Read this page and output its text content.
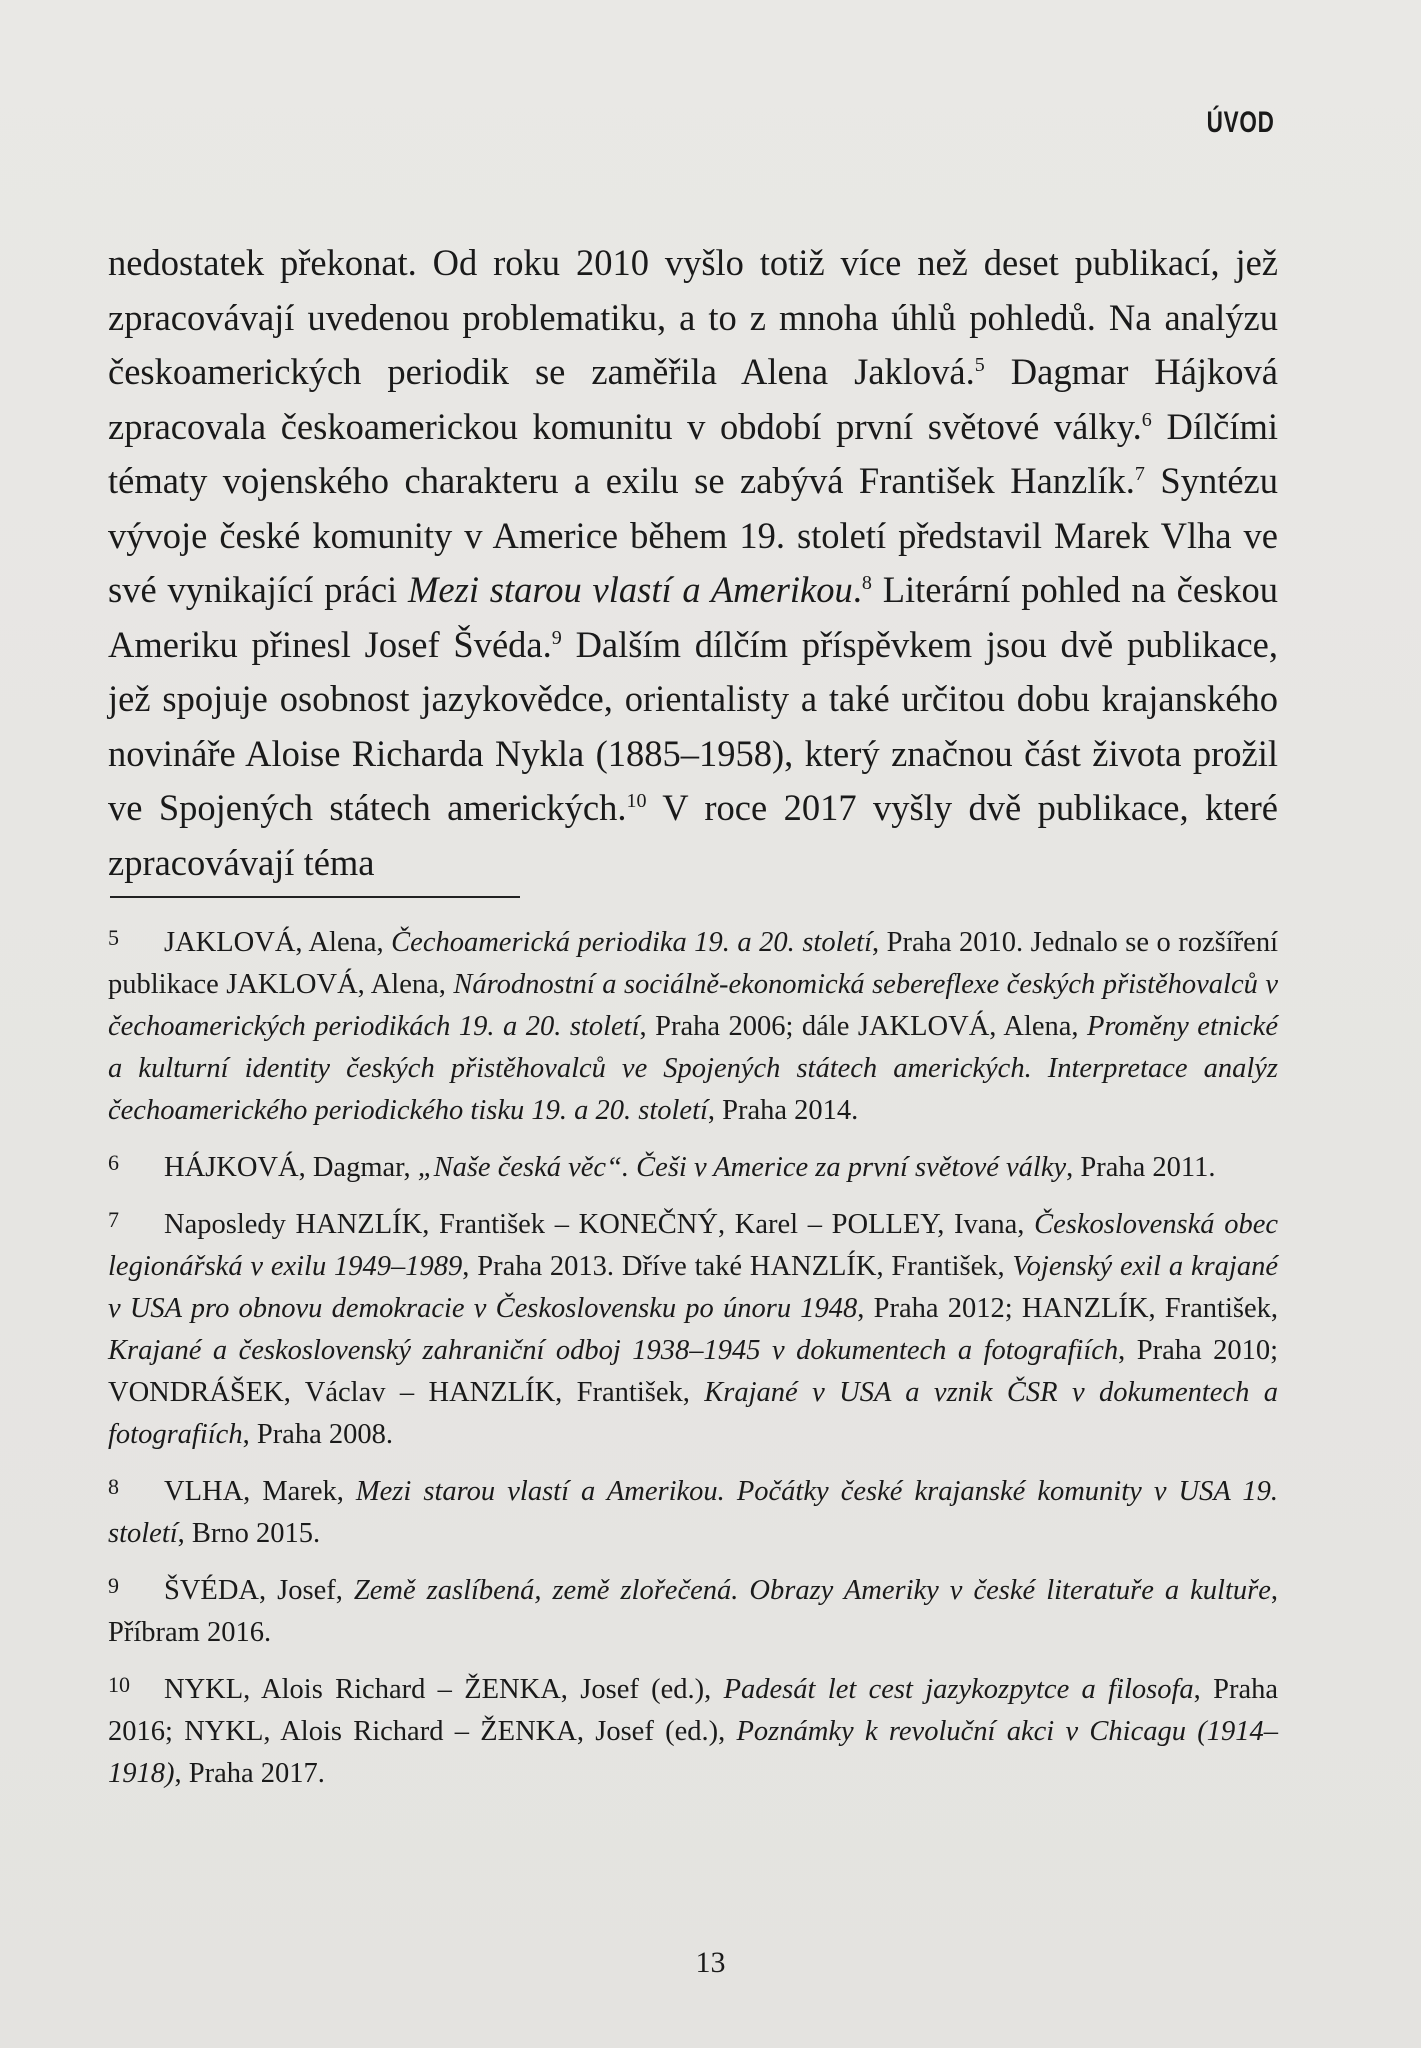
ÚVOD

nedostatek překonat. Od roku 2010 vyšlo totiž více než deset publikací, jež zpracovávají uvedenou problematiku, a to z mnoha úhlů pohledů. Na analýzu českoamerických periodik se zaměřila Alena Jaklová.$^5$ Dagmar Hájková zpracovala českoamerickou komunitu v období první světové války.$^6$ Dílčími tématy vojenského charakteru a exilu se zabývá František Hanzlík.$^7$ Syntézu vývoje české komunity v Americe během 19. století představil Marek Vlha ve své vynikající práci Mezi starou vlastí a Amerikou.$^8$ Literární pohled na českou Ameriku přinesl Josef Švéda.$^9$ Dalším dílčím příspěvkem jsou dvě publikace, jež spojuje osobnost jazykovědce, orientalisty a také určitou dobu krajanského novináře Aloise Richarda Nykla (1885–1958), který značnou část života prožil ve Spojených státech amerických.$^{10}$ V roce 2017 vyšly dvě publikace, které zpracovávají téma

5 JAKLOVÁ, Alena, Čechoamerická periodika 19. a 20. století, Praha 2010. Jednalo se o rozšíření publikace JAKLOVÁ, Alena, Národnostní a sociálně-ekonomická sebereflexe českých přistěhovalců v čechoamerických periodikách 19. a 20. století, Praha 2006; dále JAKLOVÁ, Alena, Proměny etnické a kulturní identity českých přistěhovalců ve Spojených státech amerických. Interpretace analýz čechoamerického periodického tisku 19. a 20. století, Praha 2014.

6 HÁJKOVÁ, Dagmar, „Naše česká věc“. Češi v Americe za první světové války, Praha 2011.

7 Naposledy HANZLÍK, František – KONEČNÝ, Karel – POLLEY, Ivana, Československá obec legionářská v exilu 1949–1989, Praha 2013. Dříve také HANZLÍK, František, Vojenský exil a krajané v USA pro obnovu demokracie v Československu po únoru 1948, Praha 2012; HANZLÍK, František, Krajané a československý zahraniční odboj 1938–1945 v dokumentech a fotografiích, Praha 2010; VONDRÁŠEK, Václav – HANZLÍK, František, Krajané v USA a vznik ČSR v dokumentech a fotografiích, Praha 2008.

8 VLHA, Marek, Mezi starou vlastí a Amerikou. Počátky české krajanské komunity v USA 19. století, Brno 2015.

9 ŠVÉDA, Josef, Země zaslíbená, země zlořečená. Obrazy Ameriky v české literatuře a kultuře, Příbram 2016.

10 NYKL, Alois Richard – ŽENKA, Josef (ed.), Padesát let cest jazykozpytce a filosofa, Praha 2016; NYKL, Alois Richard – ŽENKA, Josef (ed.), Poznámky k revoluční akci v Chicagu (1914–1918), Praha 2017.

13
